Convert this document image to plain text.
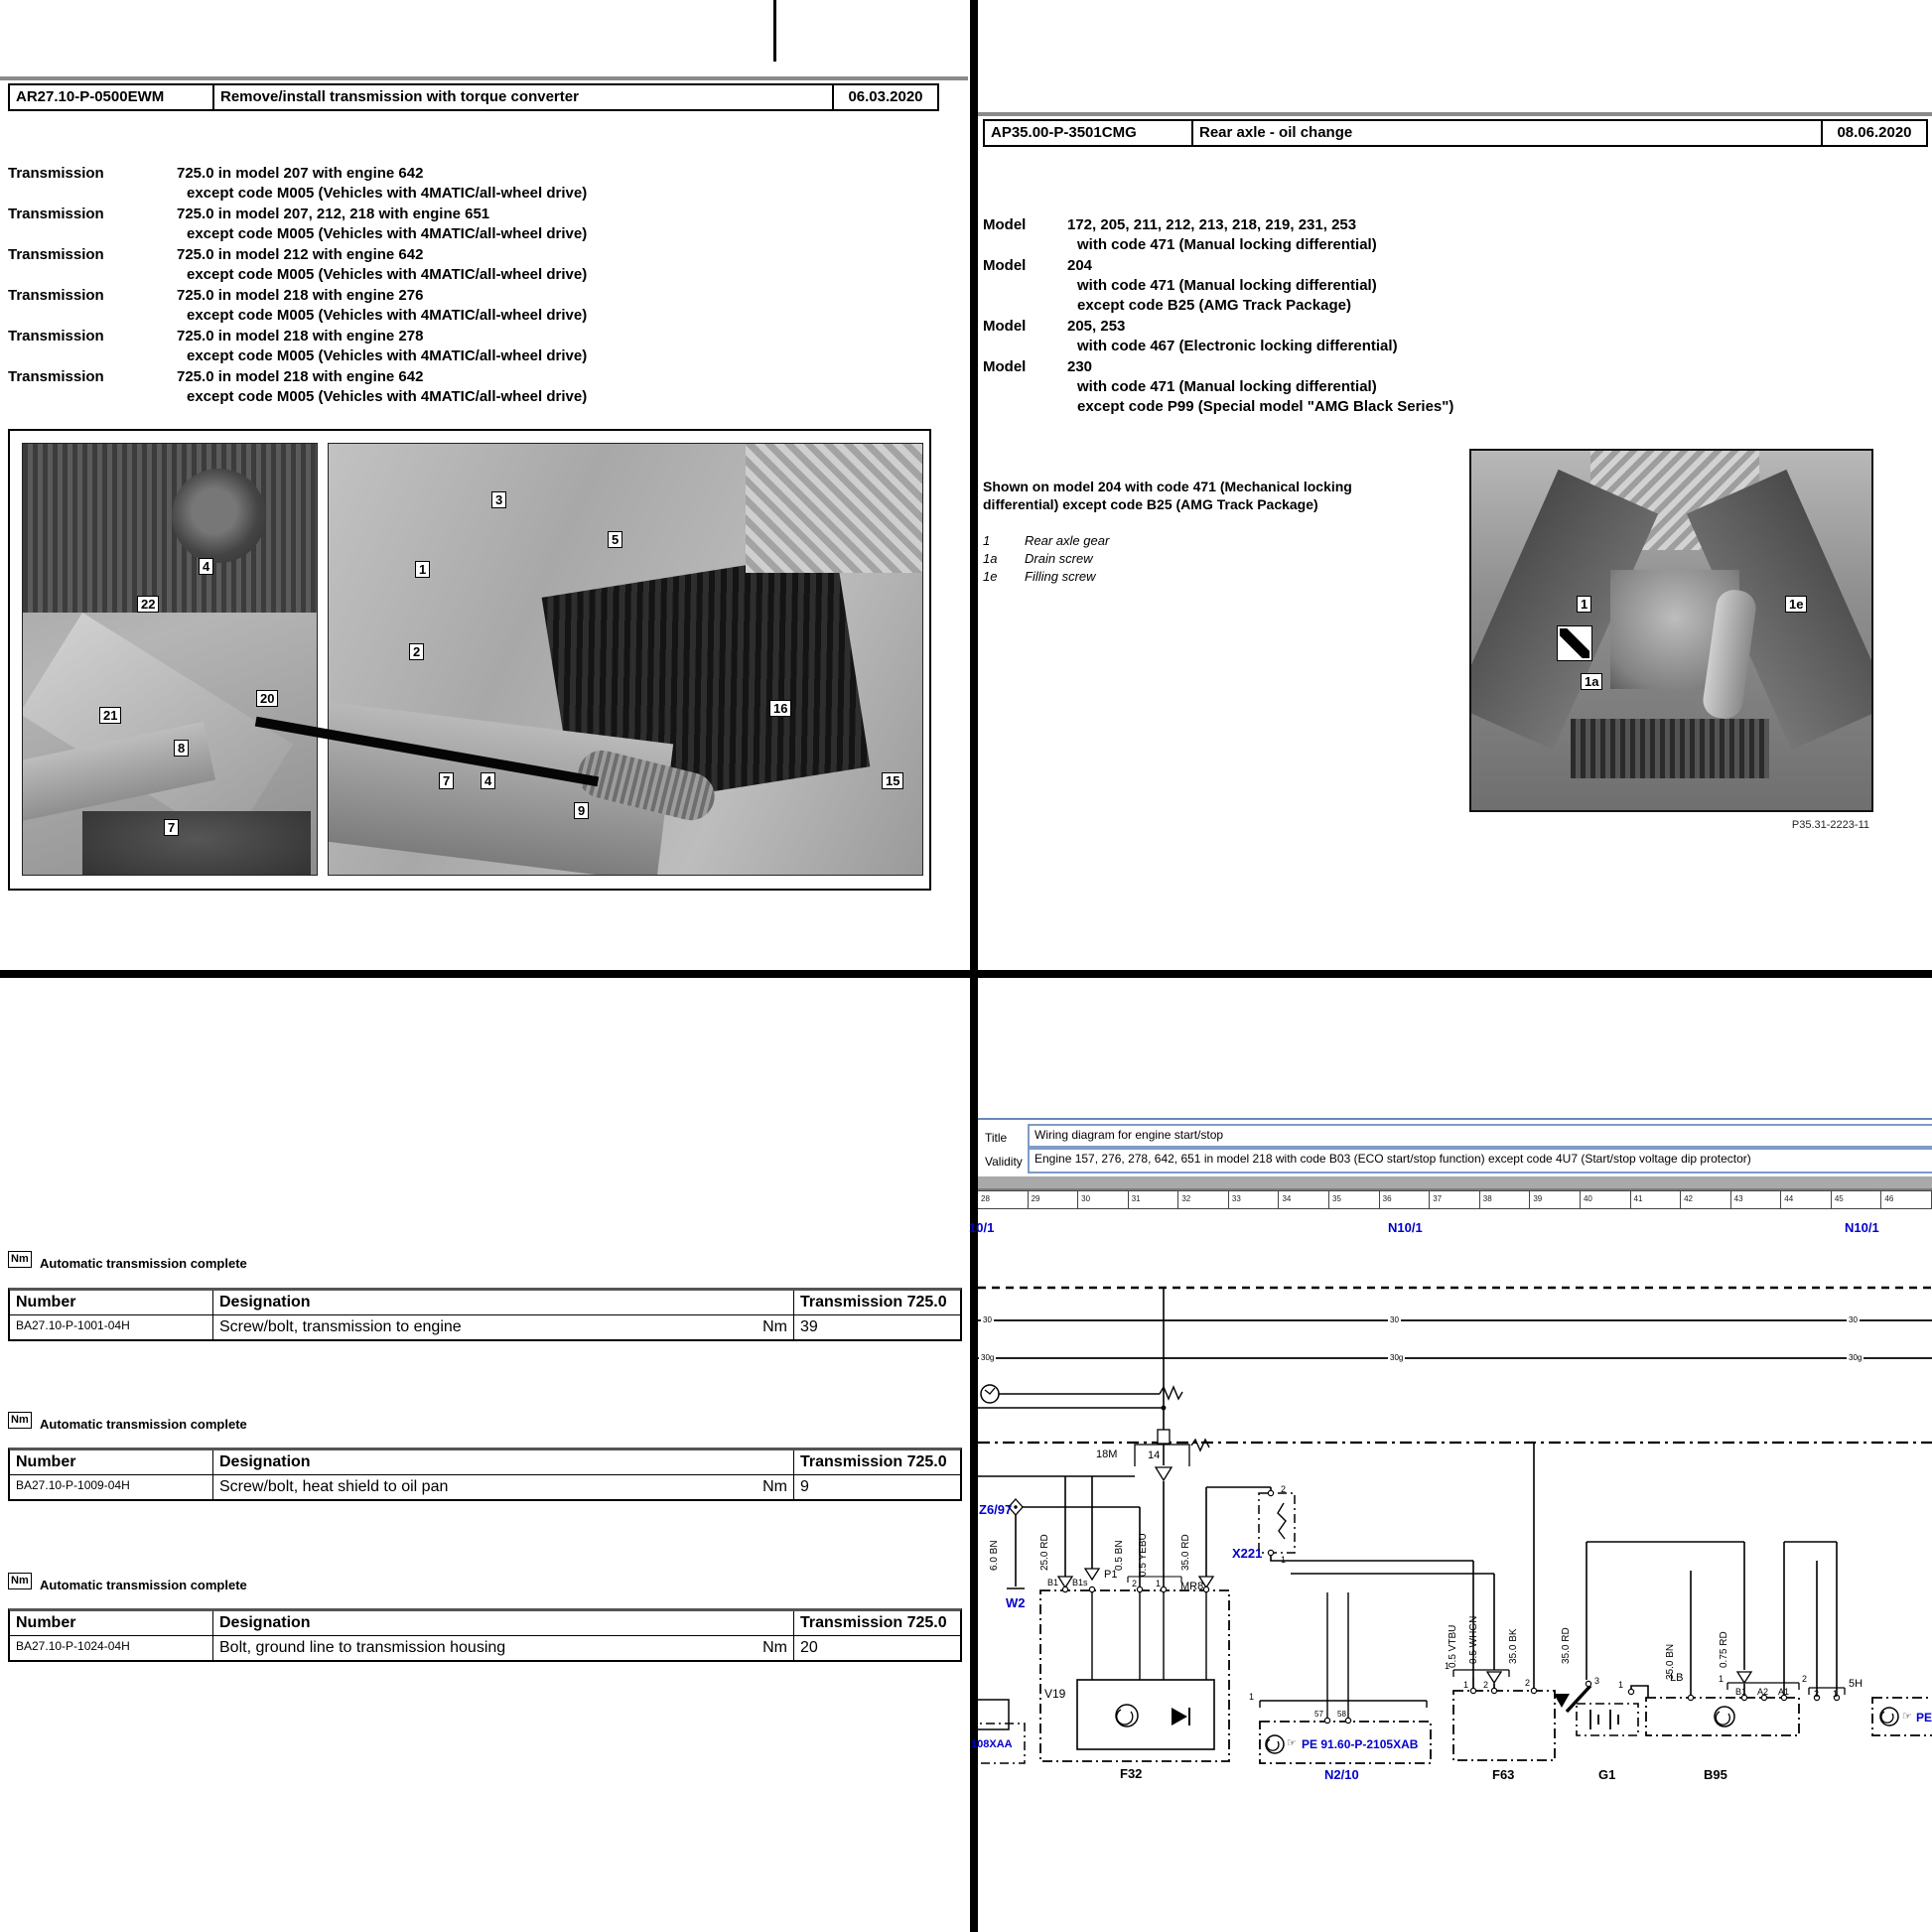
AR27.10-P-0500EWM	Remove/install transmission with torque converter	06.03.2020
Transmission	725.0 in model 207 with engine 642
except code M005 (Vehicles with 4MATIC/all-wheel drive)
Transmission	725.0 in model 207, 212, 218 with engine 651
except code M005 (Vehicles with 4MATIC/all-wheel drive)
Transmission	725.0 in model 212 with engine 642
except code M005 (Vehicles with 4MATIC/all-wheel drive)
Transmission	725.0 in model 218 with engine 276
except code M005 (Vehicles with 4MATIC/all-wheel drive)
Transmission	725.0 in model 218 with engine 278
except code M005 (Vehicles with 4MATIC/all-wheel drive)
Transmission	725.0 in model 218 with engine 642
except code M005 (Vehicles with 4MATIC/all-wheel drive)
4
22
21
20
8
7
3
5
1
2
16
7	4
9
15
AP35.00-P-3501CMG	Rear axle - oil change	08.06.2020
Model	172, 205, 211, 212, 213, 218, 219, 231, 253
with code 471 (Manual locking differential)
Model	204
with code 471 (Manual locking differential)
except code B25 (AMG Track Package)
Model	205, 253
with code 467 (Electronic locking differential)
Model	230
with code 471 (Manual locking differential)
except code P99 (Special model "AMG Black Series")
Shown on model 204 with code 471 (Mechanical locking
differential) except code B25 (AMG Track Package)
1	Rear axle gear
1a Drain screw
1e Filling screw
1	1e
1a
P35.31-2223-11
Nm Automatic transmission complete
Number	Designation	Transmission 725.0
BA27.10-P-1001-04H	Screw/bolt, transmission to engine	Nm 39
Nm Automatic transmission complete
Number	Designation	Transmission 725.0
BA27.10-P-1009-04H	Screw/bolt, heat shield to oil pan	Nm 9
Nm Automatic transmission complete
Number	Designation	Transmission 725.0
BA27.10-P-1024-04H	Bolt, ground line to transmission housing	Nm 20
Title	Wiring diagram for engine start/stop
Validity	Engine 157, 276, 278, 642, 651 in model 218 with code B03 (ECO start/stop function) except code 4U7 (Start/stop voltage dip protector)
28	29	30	31	32	33	34	35	36	37	38	39	40	41	42	43	44	45	46
10/1	N10/1	N10/1
30	30	30
30g	30g	30g
18M	14
Z6/97
W2
X221
2
1
P1
B1 B1s	2 1 MR8
V19
F32
108XAA
1
57 58
PE 91.60-P-2105XAB
☞
N2/10
1
1 2	2
F63
3 1
G1
LB	1	2
B1 A2 A1	2 1
B95
5H
☞ PE
6.0 BN	25.0 RD	0.5 BN 0.5 YEBU	35.0 RD
0.5 VTBU 0.5 WHGN	35.0 BK	35.0 RD	35.0 BN	0.75 RD
